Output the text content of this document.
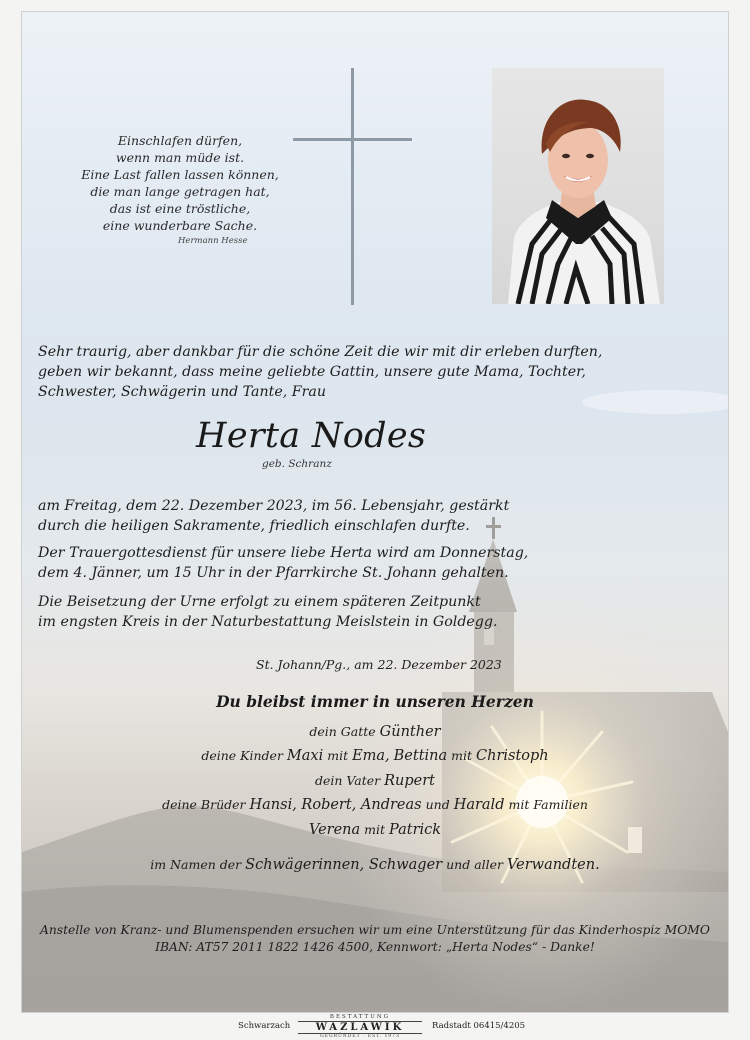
Einschlafen dürfen,
wenn man müde ist.
Eine Last fallen lassen können,
die man lange getragen hat,
das ist eine tröstliche,
eine wunderbare Sache.
Hermann Hesse
Sehr traurig, aber dankbar für die schöne Zeit die wir mit dir erleben durften,
geben wir bekannt, dass meine geliebte Gattin, unsere gute Mama, Tochter,
Schwester, Schwägerin und Tante, Frau
Herta Nodes
geb. Schranz
am Freitag, dem 22. Dezember 2023, im 56. Lebensjahr, gestärkt
durch die heiligen Sakramente, friedlich einschlafen durfte.
Der Trauergottesdienst für unsere liebe Herta wird am Donnerstag,
dem 4. Jänner, um 15 Uhr in der Pfarrkirche St. Johann gehalten.
Die Beisetzung der Urne erfolgt zu einem späteren Zeitpunkt
im engsten Kreis in der Naturbestattung Meislstein in Goldegg.
St. Johann/Pg., am 22. Dezember 2023
Du bleibst immer in unseren Herzen
dein Gatte Günther
deine Kinder Maxi mit Ema, Bettina mit Christoph
dein Vater Rupert
deine Brüder Hansi, Robert, Andreas und Harald mit Familien
Verena mit Patrick
im Namen der Schwägerinnen, Schwager und aller Verwandten.
Anstelle von Kranz- und Blumenspenden ersuchen wir um eine Unterstützung für das Kinderhospiz MOMO
IBAN: AT57 2011 1822 1426 4500, Kennwort: „Herta Nodes“ - Danke!
Schwarzach
BESTATTUNG
WAZLAWIK
GEGRÜNDET · EST. 1973
Radstadt 06415/4205
